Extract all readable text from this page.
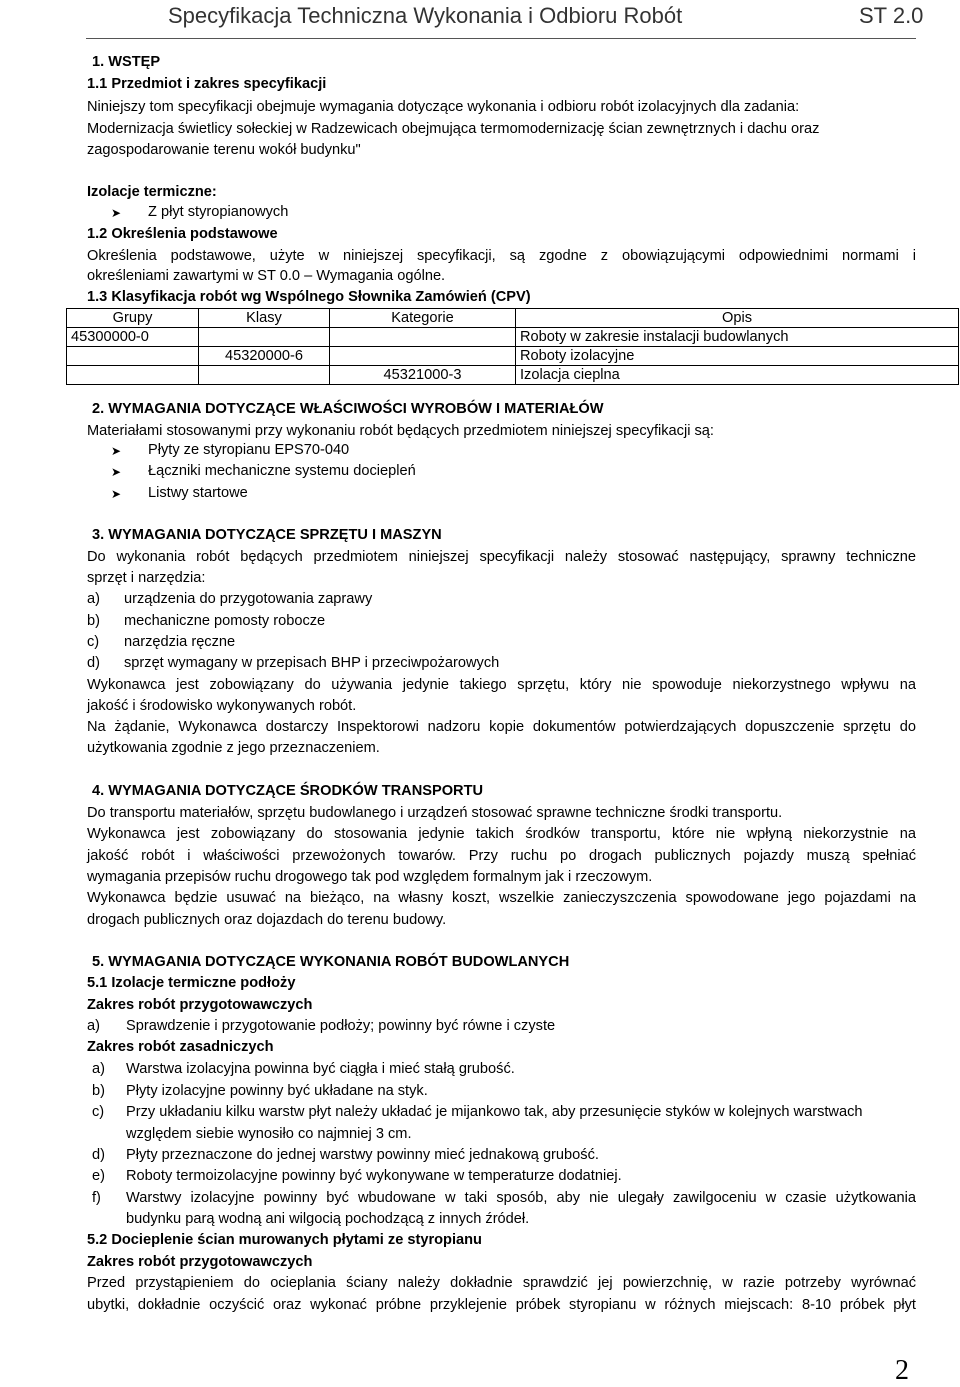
Specyfikacja Techniczna Wykonania i Odbioru Robót	ST 2.0
1. WSTĘP
1.1 Przedmiot i zakres specyfikacji
Niniejszy tom specyfikacji obejmuje wymagania dotyczące wykonania i odbioru robót izolacyjnych dla zadania:
Modernizacja świetlicy sołeckiej w Radzewicach obejmująca termomodernizację ścian zewnętrznych i dachu oraz
zagospodarowanie terenu wokół budynku"
Izolacje termiczne:
➤ Z płyt styropianowych
1.2 Określenia podstawowe
Określenia podstawowe, użyte w niniejszej specyfikacji, są zgodne z obowiązującymi odpowiednimi normami i
określeniami zawartymi w ST 0.0 – Wymagania ogólne.
1.3 Klasyfikacja robót wg Wspólnego Słownika Zamówień (CPV)
Grupy	Klasy	Kategorie	Opis
45300000-0			Roboty w zakresie instalacji budowlanych
	45320000-6		Roboty izolacyjne
		45321000-3	Izolacja cieplna
2. WYMAGANIA DOTYCZĄCE WŁAŚCIWOŚCI WYROBÓW I MATERIAŁÓW
Materiałami stosowanymi przy wykonaniu robót będących przedmiotem niniejszej specyfikacji są:
➤ Płyty ze styropianu EPS70-040
➤ Łączniki mechaniczne systemu dociepleń
➤ Listwy startowe
3. WYMAGANIA DOTYCZĄCE SPRZĘTU I MASZYN
Do wykonania robót będących przedmiotem niniejszej specyfikacji należy stosować następujący, sprawny techniczne
sprzęt i narzędzia:
a) urządzenia do przygotowania zaprawy
b) mechaniczne pomosty robocze
c) narzędzia ręczne
d) sprzęt wymagany w przepisach BHP i przeciwpożarowych
Wykonawca jest zobowiązany do używania jedynie takiego sprzętu, który nie spowoduje niekorzystnego wpływu na
jakość i środowisko wykonywanych robót.
Na żądanie, Wykonawca dostarczy Inspektorowi nadzoru kopie dokumentów potwierdzających dopuszczenie sprzętu do
użytkowania zgodnie z jego przeznaczeniem.
4. WYMAGANIA DOTYCZĄCE ŚRODKÓW TRANSPORTU
Do transportu materiałów, sprzętu budowlanego i urządzeń stosować sprawne techniczne środki transportu.
Wykonawca jest zobowiązany do stosowania jedynie takich środków transportu, które nie wpłyną niekorzystnie na
jakość robót i właściwości przewożonych towarów. Przy ruchu po drogach publicznych pojazdy muszą spełniać
wymagania przepisów ruchu drogowego tak pod względem formalnym jak i rzeczowym.
Wykonawca będzie usuwać na bieżąco, na własny koszt, wszelkie zanieczyszczenia spowodowane jego pojazdami na
drogach publicznych oraz dojazdach do terenu budowy.
5. WYMAGANIA DOTYCZĄCE WYKONANIA ROBÓT BUDOWLANYCH
5.1 Izolacje termiczne podłoży
Zakres robót przygotowawczych
a) Sprawdzenie i przygotowanie podłoży; powinny być równe i czyste
Zakres robót zasadniczych
a) Warstwa izolacyjna powinna być ciągła i mieć stałą grubość.
b) Płyty izolacyjne powinny być układane na styk.
c) Przy układaniu kilku warstw płyt należy układać je mijankowo tak, aby przesunięcie styków w kolejnych warstwach
względem siebie wynosiło co najmniej 3 cm.
d) Płyty przeznaczone do jednej warstwy powinny mieć jednakową grubość.
e) Roboty termoizolacyjne powinny być wykonywane w temperaturze dodatniej.
f) Warstwy izolacyjne powinny być wbudowane w taki sposób, aby nie ulegały zawilgoceniu w czasie użytkowania
budynku parą wodną ani wilgocią pochodzącą z innych źródeł.
5.2 Docieplenie ścian murowanych płytami ze styropianu
Zakres robót przygotowawczych
Przed przystąpieniem do ocieplania ściany należy dokładnie sprawdzić jej powierzchnię, w razie potrzeby wyrównać
ubytki, dokładnie oczyścić oraz wykonać próbne przyklejenie próbek styropianu w różnych miejscach: 8-10 próbek płyt
2
